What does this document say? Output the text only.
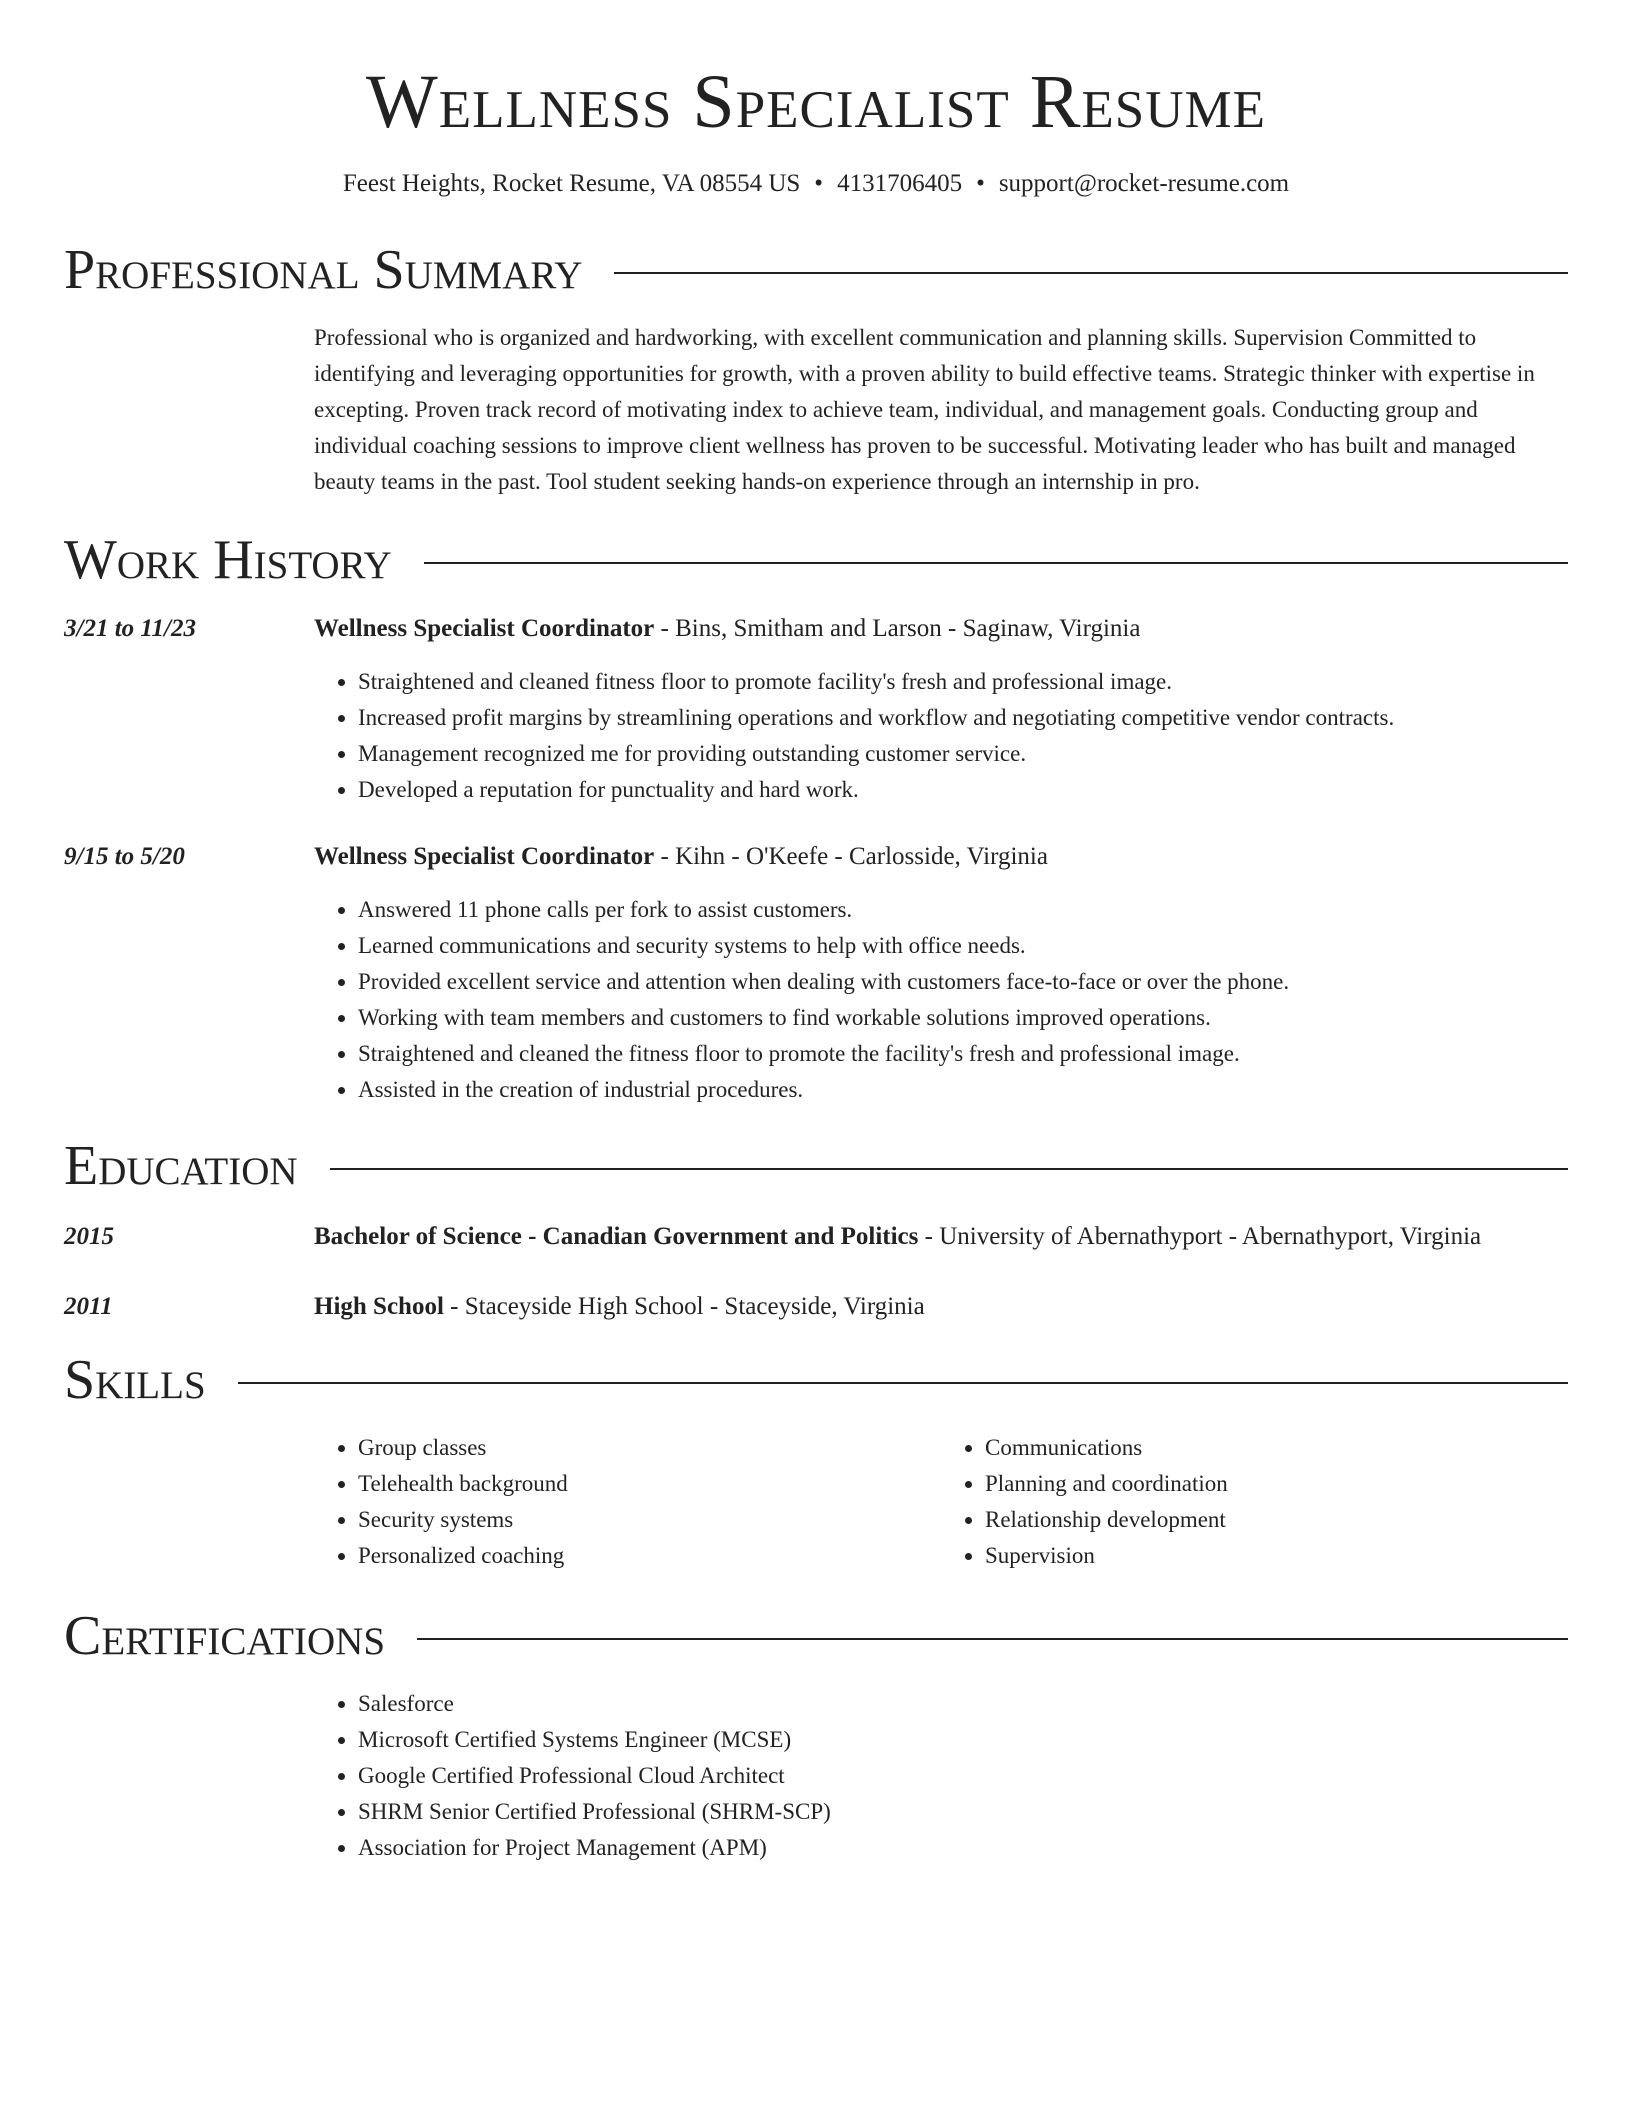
Wellness Specialist Resume
Feest Heights, Rocket Resume, VA 08554 US • 4131706405 • support@rocket-resume.com
Professional Summary
Professional who is organized and hardworking, with excellent communication and planning skills. Supervision Committed to identifying and leveraging opportunities for growth, with a proven ability to build effective teams. Strategic thinker with expertise in excepting. Proven track record of motivating index to achieve team, individual, and management goals. Conducting group and individual coaching sessions to improve client wellness has proven to be successful. Motivating leader who has built and managed beauty teams in the past. Tool student seeking hands-on experience through an internship in pro.
Work History
3/21 to 11/23	Wellness Specialist Coordinator - Bins, Smitham and Larson - Saginaw, Virginia
• Straightened and cleaned fitness floor to promote facility's fresh and professional image.
• Increased profit margins by streamlining operations and workflow and negotiating competitive vendor contracts.
• Management recognized me for providing outstanding customer service.
• Developed a reputation for punctuality and hard work.
9/15 to 5/20	Wellness Specialist Coordinator - Kihn - O'Keefe - Carlosside, Virginia
• Answered 11 phone calls per fork to assist customers.
• Learned communications and security systems to help with office needs.
• Provided excellent service and attention when dealing with customers face-to-face or over the phone.
• Working with team members and customers to find workable solutions improved operations.
• Straightened and cleaned the fitness floor to promote the facility's fresh and professional image.
• Assisted in the creation of industrial procedures.
Education
2015	Bachelor of Science - Canadian Government and Politics - University of Abernathyport - Abernathyport, Virginia
2011	High School - Staceyside High School - Staceyside, Virginia
Skills
• Group classes
• Telehealth background
• Security systems
• Personalized coaching
• Communications
• Planning and coordination
• Relationship development
• Supervision
Certifications
• Salesforce
• Microsoft Certified Systems Engineer (MCSE)
• Google Certified Professional Cloud Architect
• SHRM Senior Certified Professional (SHRM-SCP)
• Association for Project Management (APM)
